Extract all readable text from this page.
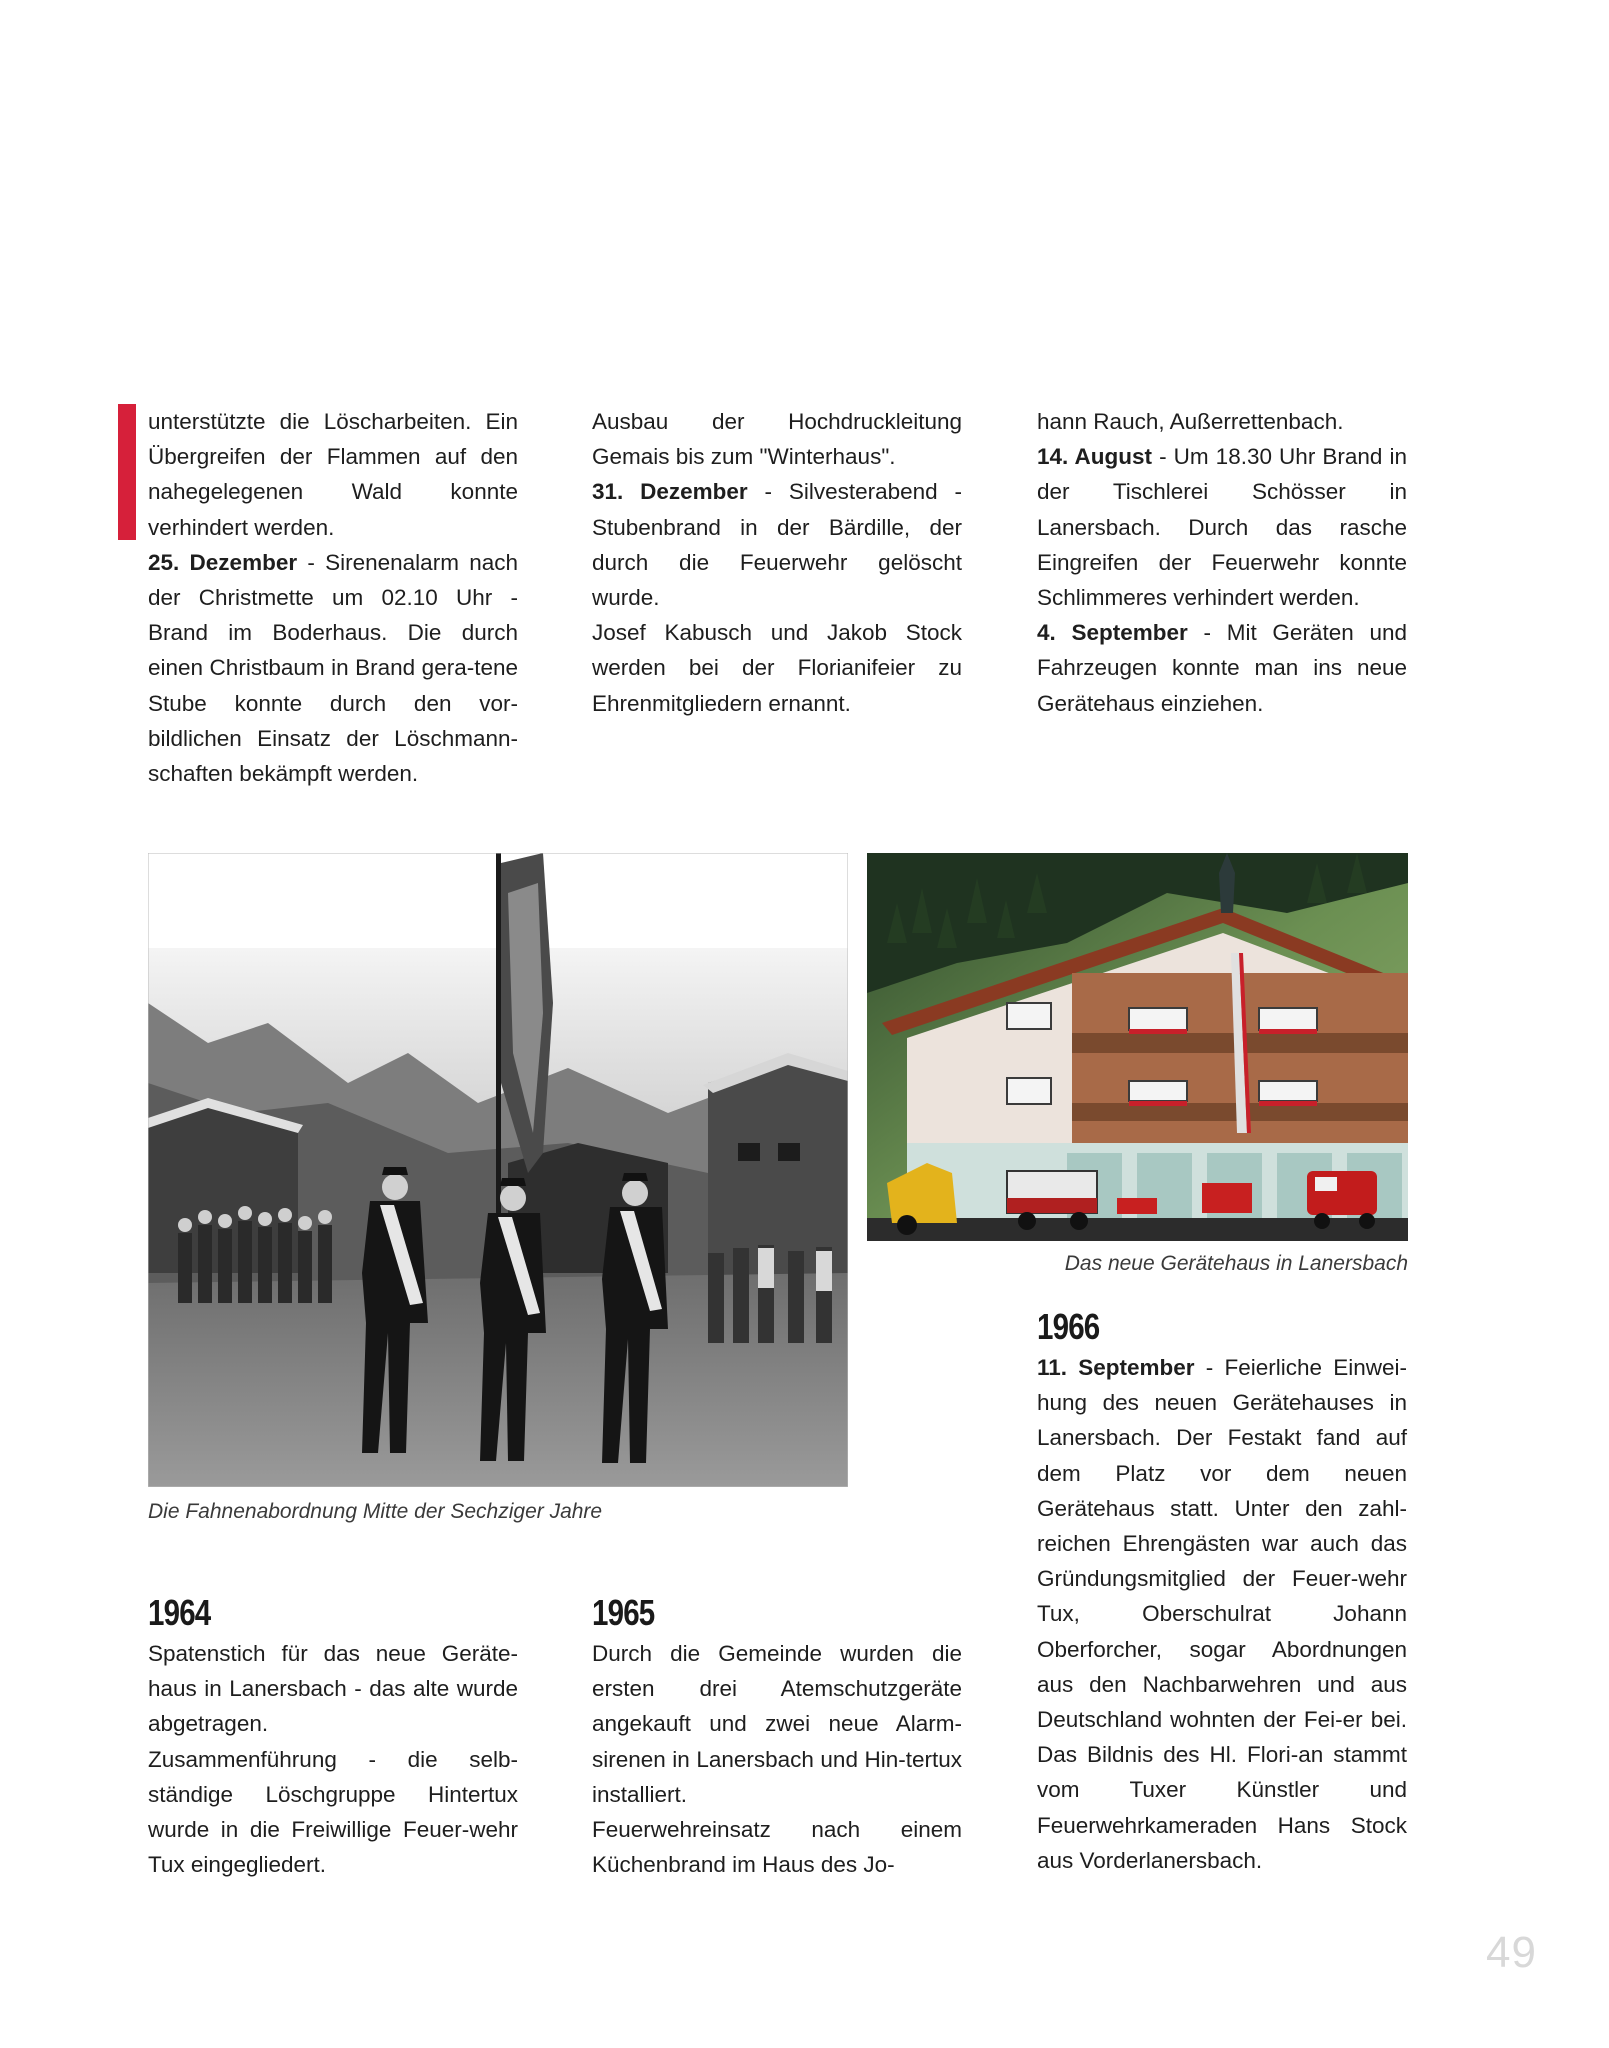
unterstützte die Löscharbeiten. Ein Übergreifen der Flammen auf den nahegelegenen Wald konnte verhindert werden.

25. Dezember - Sirenenalarm nach der Christmette um 02.10 Uhr - Brand im Boderhaus. Die durch einen Christbaum in Brand gera-tene Stube konnte durch den vor-bildlichen Einsatz der Löschmann-schaften bekämpft werden.

Ausbau der Hochdruckleitung Gemais bis zum "Winterhaus".

31. Dezember - Silvesterabend - Stubenbrand in der Bärdille, der durch die Feuerwehr gelöscht wurde.

Josef Kabusch und Jakob Stock werden bei der Florianifeier zu Ehrenmitgliedern ernannt.

hann Rauch, Außerrettenbach.

14. August - Um 18.30 Uhr Brand in der Tischlerei Schösser in Lanersbach. Durch das rasche Eingreifen der Feuerwehr konnte Schlimmeres verhindert werden.

4. September - Mit Geräten und Fahrzeugen konnte man ins neue Gerätehaus einziehen.

Die Fahnenabordnung Mitte der Sechziger Jahre
Das neue Gerätehaus in Lanersbach
1966

11. September - Feierliche Einwei-hung des neuen Gerätehauses in Lanersbach. Der Festakt fand auf dem Platz vor dem neuen Gerätehaus statt. Unter den zahl-reichen Ehrengästen war auch das Gründungsmitglied der Feuer-wehr Tux, Oberschulrat Johann Oberforcher, sogar Abordnungen aus den Nachbarwehren und aus Deutschland wohnten der Fei-er bei. Das Bildnis des Hl. Flori-an stammt vom Tuxer Künstler und Feuerwehrkameraden Hans Stock aus Vorderlanersbach.

1964

Spatenstich für das neue Geräte-haus in Lanersbach - das alte wurde abgetragen.

Zusammenführung - die selb-ständige Löschgruppe Hintertux wurde in die Freiwillige Feuer-wehr Tux eingegliedert.

1965

Durch die Gemeinde wurden die ersten drei Atemschutzgeräte angekauft und zwei neue Alarm-sirenen in Lanersbach und Hin-tertux installiert.

Feuerwehreinsatz nach einem Küchenbrand im Haus des Jo-

49
